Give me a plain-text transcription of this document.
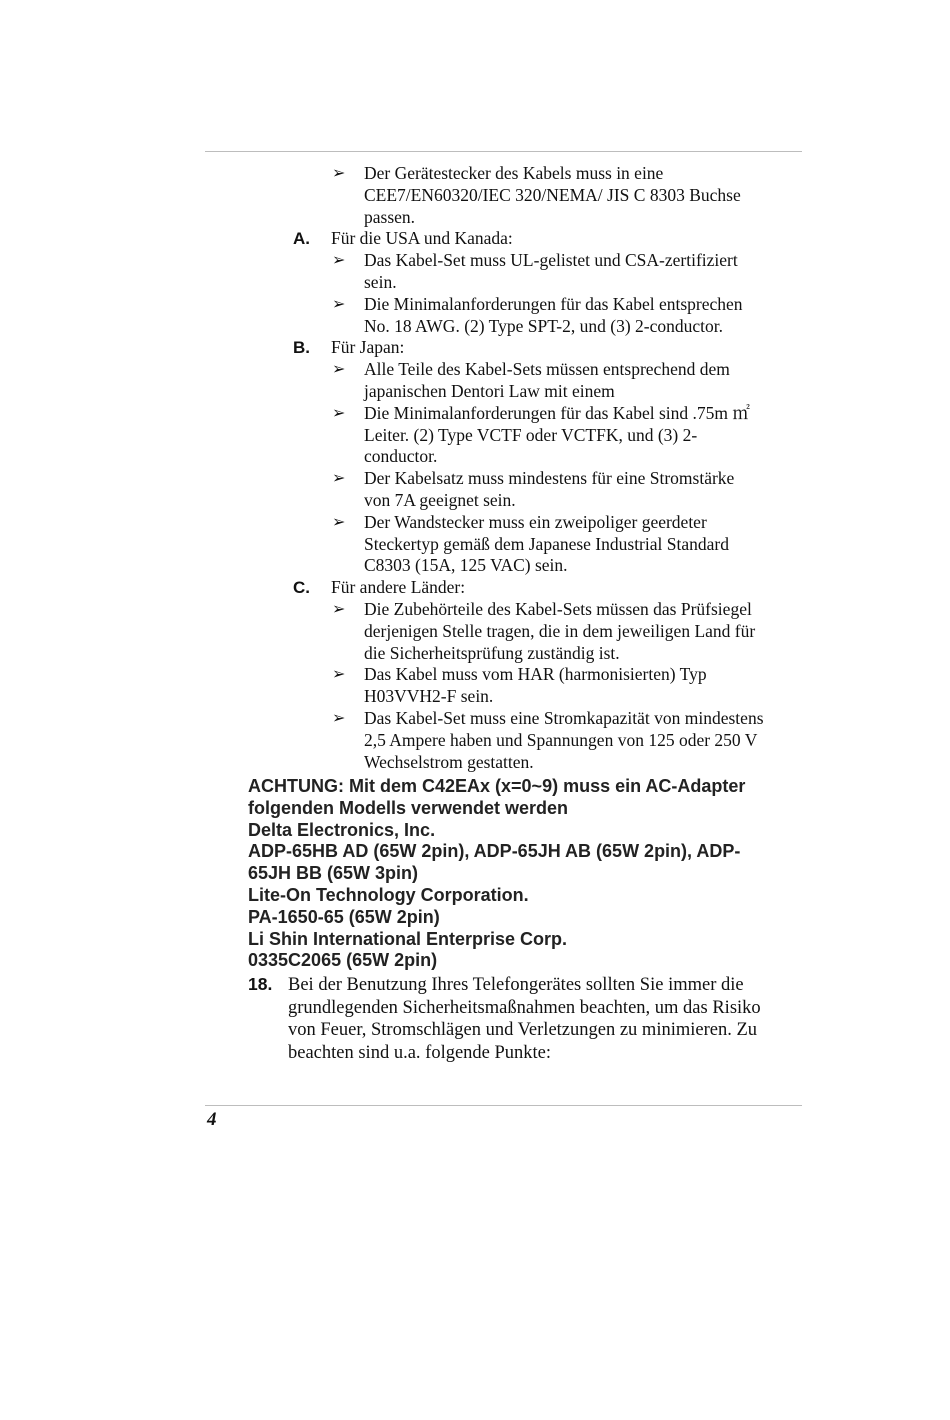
➢ Der Gerätestecker des Kabels muss in eine
CEE7/EN60320/IEC 320/NEMA/ JIS C 8303 Buchse
passen.
A. Für die USA und Kanada:
➢ Das Kabel-Set muss UL-gelistet und CSA-zertifiziert
sein.
➢ Die Minimalanforderungen für das Kabel entsprechen
No. 18 AWG. (2) Type SPT-2, und (3) 2-conductor.
B. Für Japan:
➢ Alle Teile des Kabel-Sets müssen entsprechend dem
japanischen Dentori Law mit einem
➢ Die Minimalanforderungen für das Kabel sind .75m ㎡
Leiter. (2) Type VCTF oder VCTFK, und (3) 2-
conductor.
➢ Der Kabelsatz muss mindestens für eine Stromstärke
von 7A geeignet sein.
➢ Der Wandstecker muss ein zweipoliger geerdeter
Steckertyp gemäß dem Japanese Industrial Standard
C8303 (15A, 125 VAC) sein.
C. Für andere Länder:
➢ Die Zubehörteile des Kabel-Sets müssen das Prüfsiegel
derjenigen Stelle tragen, die in dem jeweiligen Land für
die Sicherheitsprüfung zuständig ist.
➢ Das Kabel muss vom HAR (harmonisierten) Typ
H03VVH2-F sein.
➢ Das Kabel-Set muss eine Stromkapazität von mindestens
2,5 Ampere haben und Spannungen von 125 oder 250 V
Wechselstrom gestatten.
ACHTUNG: Mit dem C42EAx (x=0~9) muss ein AC-Adapter
folgenden Modells verwendet werden
Delta Electronics, Inc.
ADP-65HB AD (65W 2pin), ADP-65JH AB (65W 2pin), ADP-
65JH BB (65W 3pin)
Lite-On Technology Corporation.
PA-1650-65 (65W 2pin)
Li Shin International Enterprise Corp.
0335C2065 (65W 2pin)
18. Bei der Benutzung Ihres Telefongerätes sollten Sie immer die
grundlegenden Sicherheitsmaßnahmen beachten, um das Risiko
von Feuer, Stromschlägen und Verletzungen zu minimieren. Zu
beachten sind u.a. folgende Punkte:
4
